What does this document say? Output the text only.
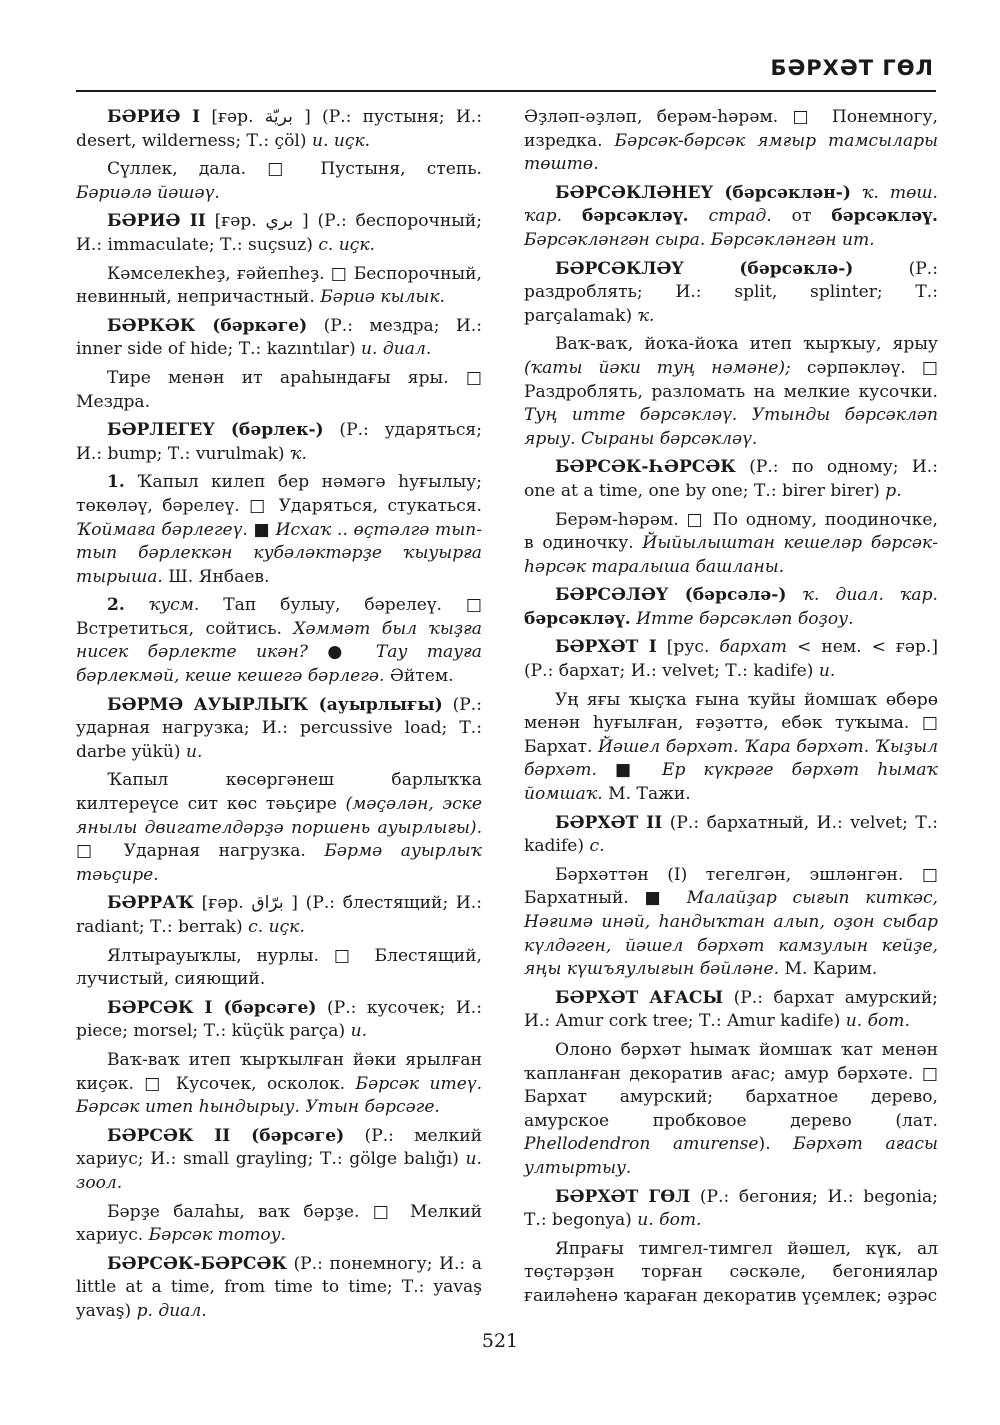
БӘРХӘТ ГӨЛ

БӘРИӘ I [ғәр. بريّة ] (Р.: пустыня; И.: desert, wilderness; Т.: çöl) и. иҫк.

Сүллек, дала. □ Пустыня, степь. Бәриәлә йәшәү.

БӘРИӘ II [ғәр. بري ] (Р.: беспорочный; И.: immaculate; Т.: suçsuz) с. иҫк.

Кәмселекһеҙ, ғәйепһеҙ. □ Беспорочный, невинный, непричастный. Бәриә кылык.

БӘРКӘК (бәркәге) (Р.: мездра; И.: inner side of hide; Т.: kazıntılar) и. диал.

Тире менән ит араһындағы яры. □ Мездра.

БӘРЛЕГЕҮ (бәрлек-) (Р.: ударяться; И.: bump; Т.: vurulmak) ҡ.

1. Ҡапыл килеп бер нәмәгә һуғылыу; төкөләү, бәрелеү. □ Ударяться, стукаться. Ҡоймаға бәрлегеү. ■ Исхаҡ .. өҫтәлгә тып-тып бәрлеккән кубәләктәрҙе ҡыуырға тырыша. Ш. Янбаев.

2. ҡусм. Тап булыу, бәрелеү. □ Встретиться, сойтись. Хәммәт был ҡыҙға нисек бәрлекте икән? ● Тау тауға бәрлекмәй, кеше кешегә бәрлегә. Әйтем.

БӘРМӘ АУЫРЛЫҠ (ауырлығы) (Р.: ударная нагрузка; И.: percussive load; Т.: darbe yükü) и.

Ҡапыл көсөргәнеш барлыҡҡа килтереүсе сит көс тәьҫире (мәҫәлән, эске янылы двигателдәрҙә поршень ауырлығы). □ Ударная нагрузка. Бәрмә ауырлыҡ тәьҫире.

БӘРРАҠ [ғәр. برّاق ] (Р.: блестящий; И.: radiant; Т.: berrak) с. иҫк.

Ялтырауыҡлы, нурлы. □ Блестящий, лучистый, сияющий.

БӘРСӘК I (бәрсәге) (Р.: кусочек; И.: piece; morsel; Т.: küçük parça) и.

Ваҡ-ваҡ итеп ҡырҡылған йәки ярылған киҫәк. □ Кусочек, осколок. Бәрсәк итеү. Бәрсәк итеп һындырыу. Утын бәрсәге.

БӘРСӘК II (бәрсәге) (Р.: мелкий хариус; И.: small grayling; Т.: gölge balığı) и. зоол.

Бәрҙе балаһы, ваҡ бәрҙе. □ Мелкий хариус. Бәрсәк тотоу.

БӘРСӘК-БӘРСӘК (Р.: понемногу; И.: a little at a time, from time to time; Т.: yavaş yavaş) р. диал.

Әҙләп-әҙләп, берәм-һәрәм. □ Понемногу, изредка. Бәрсәк-бәрсәк ямғыр тамсылары төштө.

БӘРСӘКЛӘНЕҮ (бәрсәклән-) ҡ. төш. ҡар. бәрсәкләү. страд. от бәрсәкләү. Бәрсәкләнгән сыра. Бәрсәкләнгән ит.

БӘРСӘКЛӘҮ (бәрсәклә-) (Р.: раздроблять; И.: split, splinter; Т.: parçalamak) ҡ.

Ваҡ-ваҡ, йоҡа-йоҡа итеп ҡырҡыу, ярыу (ҡаты йәки туң нәмәне); сәрпәкләү. □ Раздроблять, разломать на мелкие кусочки. Туң итте бәрсәкләү. Утынды бәрсәкләп ярыу. Сыраны бәрсәкләү.

БӘРСӘК-ҺӘРСӘК (Р.: по одному; И.: one at a time, one by one; Т.: birer birer) р.

Берәм-һәрәм. □ По одному, поодиночке, в одиночку. Йыйылыштан кешеләр бәрсәк-һәрсәк таралыша башланы.

БӘРСӘЛӘҮ (бәрсәлә-) ҡ. диал. ҡар. бәрсәкләү. Итте бәрсәкләп боҙоу.

БӘРХӘТ I [рус. бархат < нем. < ғәр.] (Р.: бархат; И.: velvet; Т.: kadife) и.

Уң яғы ҡыҫҡа ғына ҡуйы йомшаҡ өбөрө менән һуғылған, ғәҙәттә, ебәк туҡыма. □ Бархат. Йәшел бәрхәт. Ҡара бәрхәт. Ҡыҙыл бәрхәт. ■ Ер күкрәге бәрхәт һымаҡ йомшаҡ. М. Тажи.

БӘРХӘТ II (Р.: бархатный, И.: velvet; Т.: kadife) с.

Бәрхәттән (I) тегелгән, эшләнгән. □ Бархатный. ■ Малайҙар сығып киткәс, Нәғимә инәй, һандыҡтан алып, оҙон сыбар күлдәген, йәшел бәрхәт камзулын кейҙе, яңы күшъяулығын бәйләне. М. Карим.

БӘРХӘТ АҒАСЫ (Р.: бархат амурский; И.: Amur cork tree; Т.: Amur kadife) и. бот.

Олоно бәрхәт һымаҡ йомшаҡ ҡат менән ҡапланған декоратив ағас; амур бәрхәте. □ Бархат амурский; бархатное дерево, амурское пробковое дерево (лат. Phellodendron amurense). Бәрхәт ағасы ултыртыу.

БӘРХӘТ ГӨЛ (Р.: бегония; И.: begonia; Т.: begonya) и. бот.

Япрағы тимгел-тимгел йәшел, күк, ал төҫтәрҙән торған сәскәле, бегониялар ғаиләһенә ҡараған декоратив үҫемлек; әҙрәс

521
